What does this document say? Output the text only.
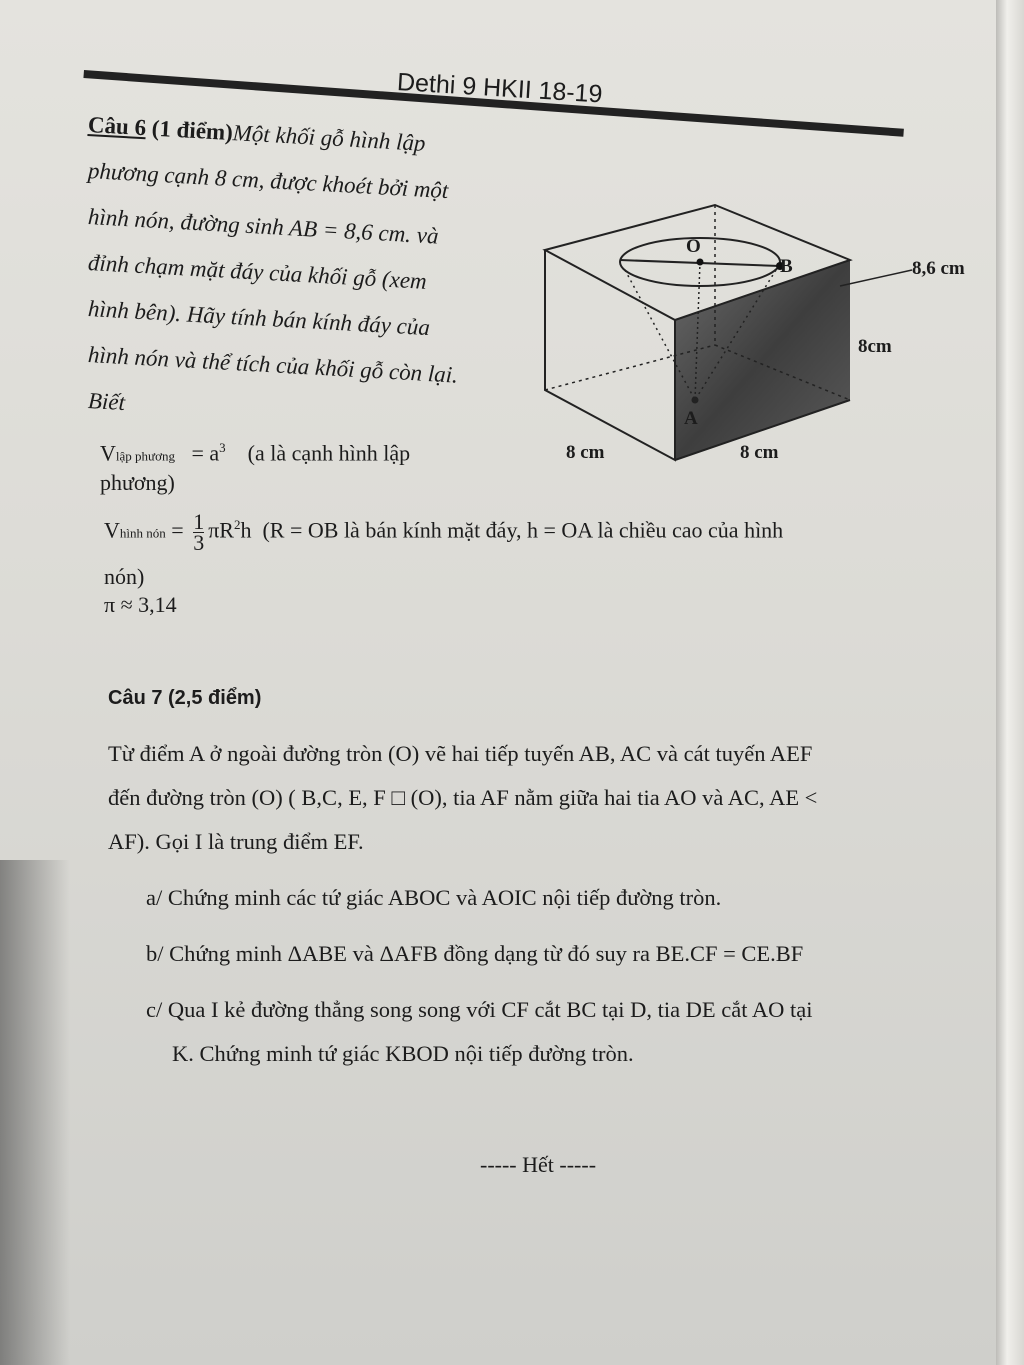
Dethi 9 HKII 18-19
Câu 6 (1 điểm)Một khối gỗ hình lập
phương cạnh 8 cm, được khoét bởi một
hình nón, đường sinh AB = 8,6 cm. và
đỉnh chạm mặt đáy của khối gỗ (xem
hình bên). Hãy tính bán kính đáy của
hình nón và thể tích của khối gỗ còn lại.
Biết
Vlập phương = $a^3$ (a là cạnh hình lập
phương)
Vhình nón = $\frac{1}{3} \pi R^2h$ (R = OB là bán kính mặt đáy, h = OA là chiều cao của hình
nón)
π ≈ 3,14
O
B
A
8,6 cm
8cm
8 cm	8 cm

Câu 7 (2,5 điểm)

Từ điểm A ở ngoài đường tròn (O) vẽ hai tiếp tuyến AB, AC và cát tuyến AEF

đến đường tròn (O) ( B,C, E, F □ (O), tia AF nằm giữa hai tia AO và AC, AE <

AF). Gọi I là trung điểm EF.

a/ Chứng minh các tứ giác ABOC và AOIC nội tiếp đường tròn.

b/ Chứng minh ΔABE và ΔAFB đồng dạng từ đó suy ra BE.CF = CE.BF

c/ Qua I kẻ đường thẳng song song với CF cắt BC tại D, tia DE cắt AO tại

K. Chứng minh tứ giác KBOD nội tiếp đường tròn.

----- Hết -----
